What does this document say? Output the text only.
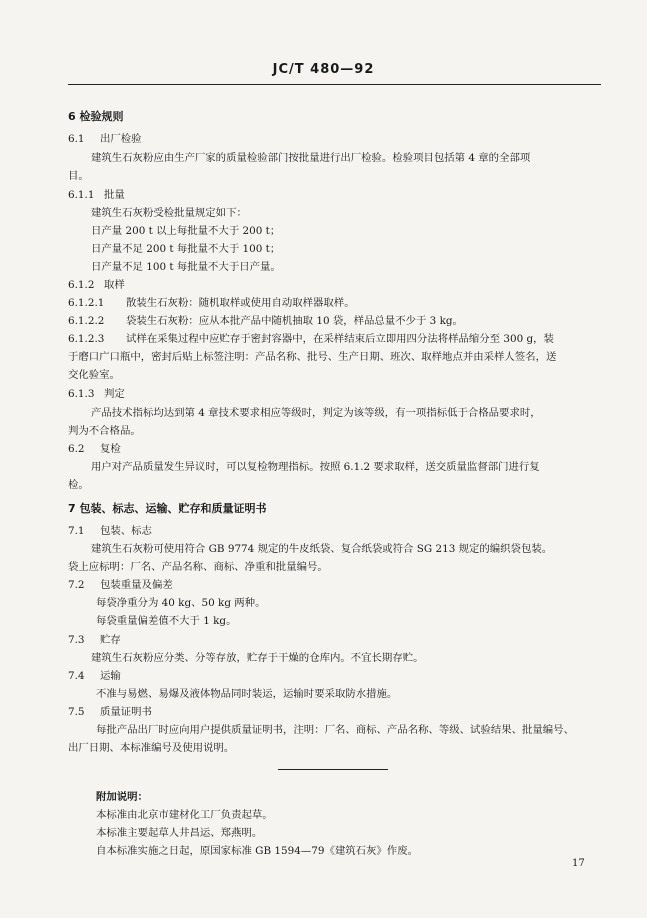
JC/T 480—92
6 检验规则
6.1 出厂检验
建筑生石灰粉应由生产厂家的质量检验部门按批量进行出厂检验。检验项目包括第 4 章的全部项
目。
6.1.1 批量
建筑生石灰粉受检批量规定如下：
日产量 200 t 以上每批量不大于 200 t；
日产量不足 200 t 每批量不大于 100 t；
日产量不足 100 t 每批量不大于日产量。
6.1.2 取样
6.1.2.1 散装生石灰粉：随机取样或使用自动取样器取样。
6.1.2.2 袋装生石灰粉：应从本批产品中随机抽取 10 袋，样品总量不少于 3 kg。
6.1.2.3 试样在采集过程中应贮存于密封容器中，在采样结束后立即用四分法将样品缩分至 300 g，装
于磨口广口瓶中，密封后贴上标签注明：产品名称、批号、生产日期、班次、取样地点并由采样人签名，送
交化验室。
6.1.3 判定
产品技术指标均达到第 4 章技术要求相应等级时，判定为该等级，有一项指标低于合格品要求时，
判为不合格品。
6.2 复检
用户对产品质量发生异议时，可以复检物理指标。按照 6.1.2 要求取样，送交质量监督部门进行复
检。
7 包装、标志、运输、贮存和质量证明书
7.1 包装、标志
建筑生石灰粉可使用符合 GB 9774 规定的牛皮纸袋、复合纸袋或符合 SG 213 规定的编织袋包装。
袋上应标明：厂名、产品名称、商标、净重和批量编号。
7.2 包装重量及偏差
每袋净重分为 40 kg、50 kg 两种。
每袋重量偏差值不大于 1 kg。
7.3 贮存
建筑生石灰粉应分类、分等存放，贮存于干燥的仓库内。不宜长期存贮。
7.4 运输
不准与易燃、易爆及液体物品同时装运，运输时要采取防水措施。
7.5 质量证明书
每批产品出厂时应向用户提供质量证明书，注明：厂名、商标、产品名称、等级、试验结果、批量编号、
出厂日期、本标准编号及使用说明。
附加说明：
本标准由北京市建材化工厂负责起草。
本标准主要起草人井昌运、郑燕明。
自本标准实施之日起，原国家标准 GB 1594—79《建筑石灰》作废。
17
